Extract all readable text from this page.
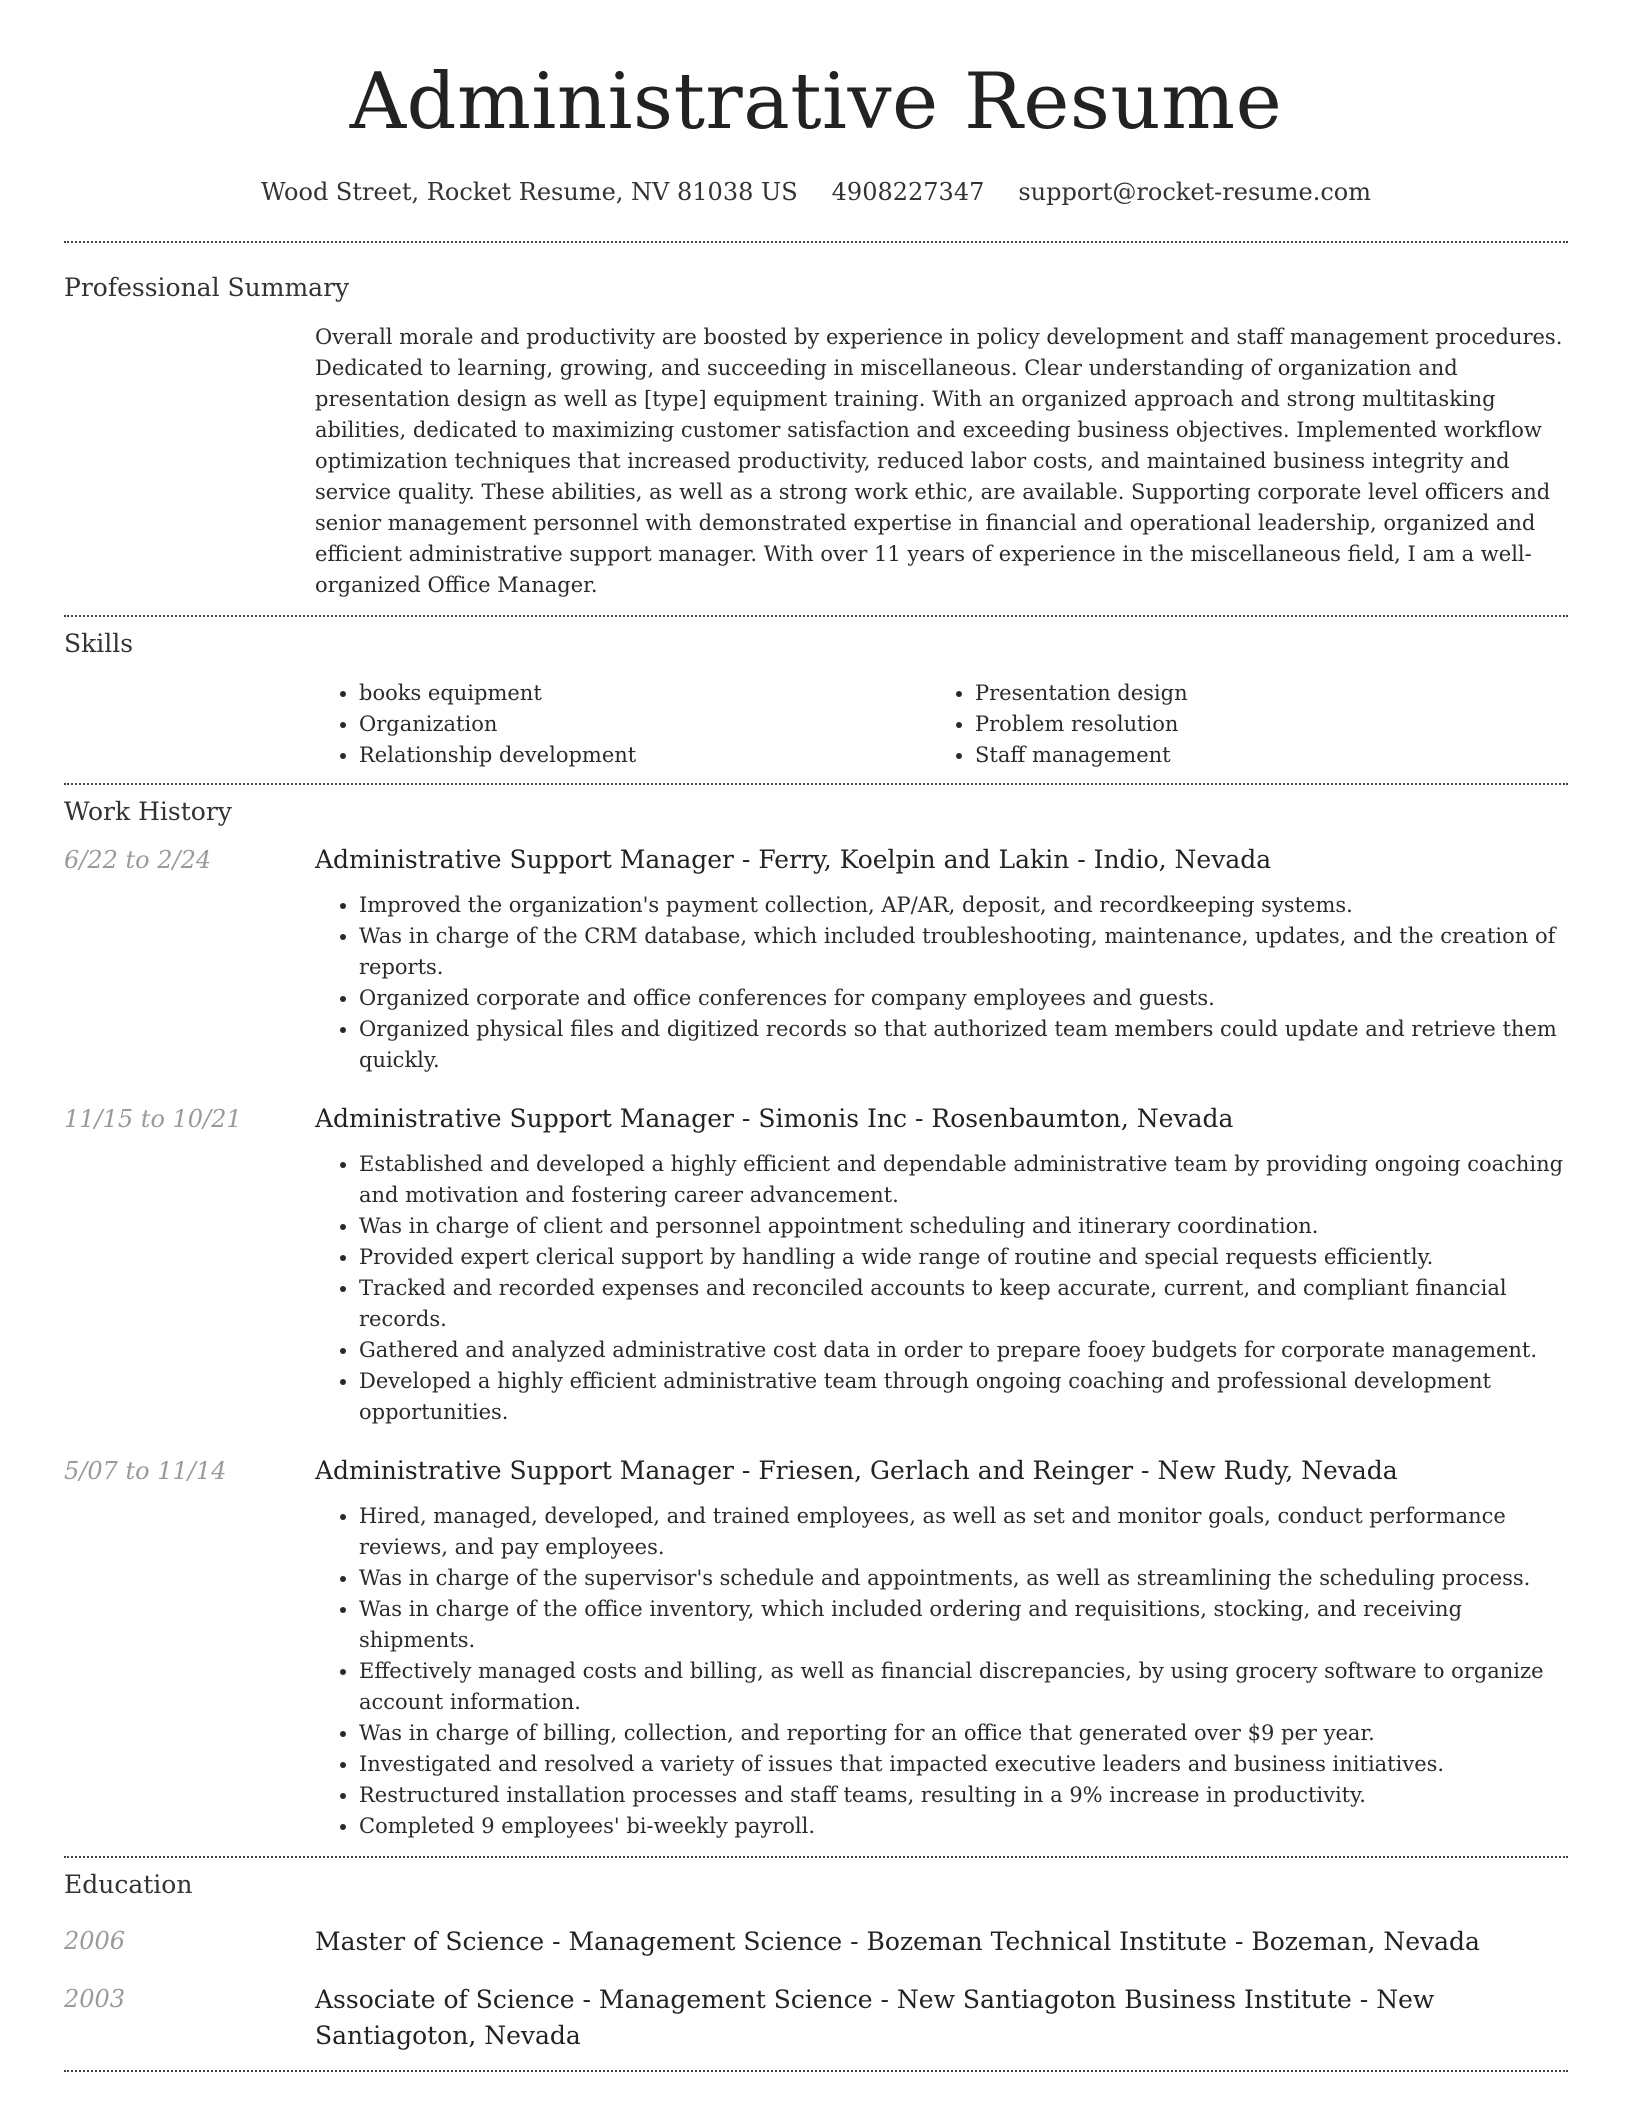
Administrative Resume
Wood Street, Rocket Resume, NV 81038 US 4908227347 support@rocket-resume.com
Professional Summary
Overall morale and productivity are boosted by experience in policy development and staff management procedures. Dedicated to learning, growing, and succeeding in miscellaneous. Clear understanding of organization and presentation design as well as [type] equipment training. With an organized approach and strong multitasking abilities, dedicated to maximizing customer satisfaction and exceeding business objectives. Implemented workflow optimization techniques that increased productivity, reduced labor costs, and maintained business integrity and service quality. These abilities, as well as a strong work ethic, are available. Supporting corporate level officers and senior management personnel with demonstrated expertise in financial and operational leadership, organized and efficient administrative support manager. With over 11 years of experience in the miscellaneous field, I am a well-organized Office Manager.
Skills
• books equipment
• Organization
• Relationship development
• Presentation design
• Problem resolution
• Staff management
Work History
6/22 to 2/24	Administrative Support Manager - Ferry, Koelpin and Lakin - Indio, Nevada
• Improved the organization's payment collection, AP/AR, deposit, and recordkeeping systems.
• Was in charge of the CRM database, which included troubleshooting, maintenance, updates, and the creation of reports.
• Organized corporate and office conferences for company employees and guests.
• Organized physical files and digitized records so that authorized team members could update and retrieve them quickly.
11/15 to 10/21	Administrative Support Manager - Simonis Inc - Rosenbaumton, Nevada
• Established and developed a highly efficient and dependable administrative team by providing ongoing coaching and motivation and fostering career advancement.
• Was in charge of client and personnel appointment scheduling and itinerary coordination.
• Provided expert clerical support by handling a wide range of routine and special requests efficiently.
• Tracked and recorded expenses and reconciled accounts to keep accurate, current, and compliant financial records.
• Gathered and analyzed administrative cost data in order to prepare fooey budgets for corporate management.
• Developed a highly efficient administrative team through ongoing coaching and professional development opportunities.
5/07 to 11/14	Administrative Support Manager - Friesen, Gerlach and Reinger - New Rudy, Nevada
• Hired, managed, developed, and trained employees, as well as set and monitor goals, conduct performance reviews, and pay employees.
• Was in charge of the supervisor's schedule and appointments, as well as streamlining the scheduling process.
• Was in charge of the office inventory, which included ordering and requisitions, stocking, and receiving shipments.
• Effectively managed costs and billing, as well as financial discrepancies, by using grocery software to organize account information.
• Was in charge of billing, collection, and reporting for an office that generated over $9 per year.
• Investigated and resolved a variety of issues that impacted executive leaders and business initiatives.
• Restructured installation processes and staff teams, resulting in a 9% increase in productivity.
• Completed 9 employees' bi-weekly payroll.
Education
2006	Master of Science - Management Science - Bozeman Technical Institute - Bozeman, Nevada
2003	Associate of Science - Management Science - New Santiagoton Business Institute - New Santiagoton, Nevada
